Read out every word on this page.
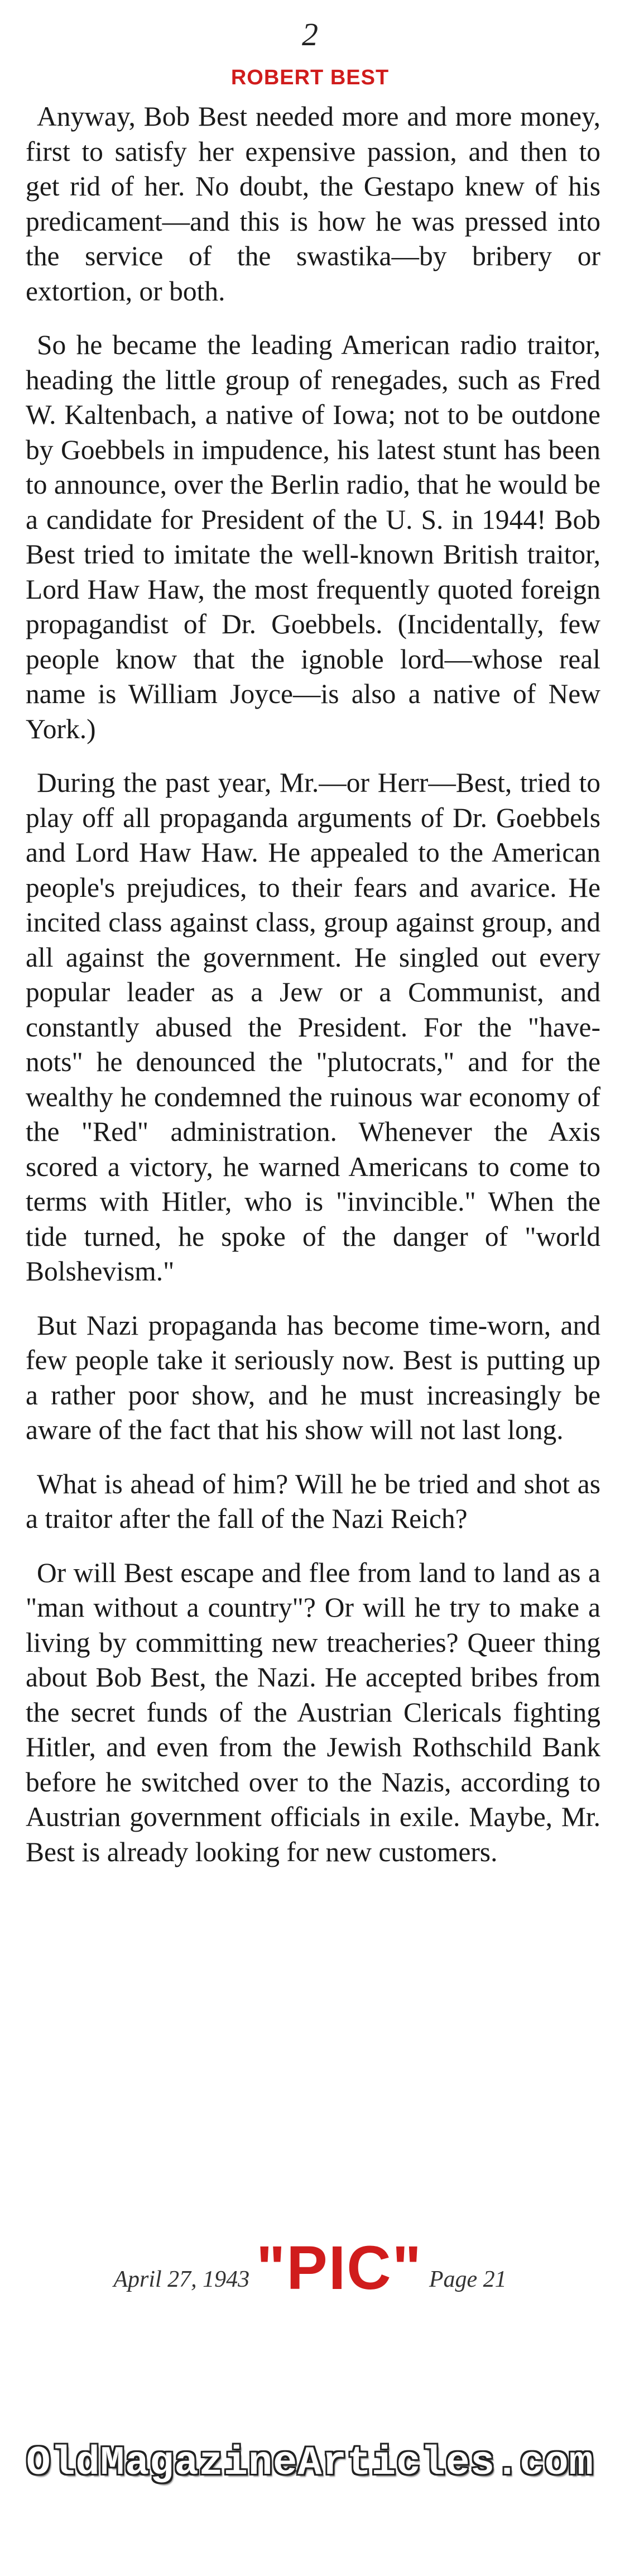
2
ROBERT BEST

Anyway, Bob Best needed more and more money, first to satisfy her expensive passion, and then to get rid of her. No doubt, the Gestapo knew of his predicament—and this is how he was pressed into the service of the swastika—by bribery or extortion, or both.

So he became the leading American radio traitor, heading the little group of renegades, such as Fred W. Kaltenbach, a native of Iowa; not to be outdone by Goebbels in impudence, his latest stunt has been to announce, over the Berlin radio, that he would be a candidate for President of the U. S. in 1944! Bob Best tried to imitate the well-known British traitor, Lord Haw Haw, the most frequently quoted foreign propagandist of Dr. Goebbels. (Incidentally, few people know that the ignoble lord—whose real name is William Joyce—is also a native of New York.)

During the past year, Mr.—or Herr—Best, tried to play off all propaganda arguments of Dr. Goebbels and Lord Haw Haw. He appealed to the American people's prejudices, to their fears and avarice. He incited class against class, group against group, and all against the government. He singled out every popular leader as a Jew or a Communist, and constantly abused the President. For the "have-nots" he denounced the "plutocrats," and for the wealthy he condemned the ruinous war economy of the "Red" administration. Whenever the Axis scored a victory, he warned Americans to come to terms with Hitler, who is "invincible." When the tide turned, he spoke of the danger of "world Bolshevism."

But Nazi propaganda has become time-worn, and few people take it seriously now. Best is putting up a rather poor show, and he must increasingly be aware of the fact that his show will not last long.

What is ahead of him? Will he be tried and shot as a traitor after the fall of the Nazi Reich?

Or will Best escape and flee from land to land as a "man without a country"? Or will he try to make a living by committing new treacheries? Queer thing about Bob Best, the Nazi. He accepted bribes from the secret funds of the Austrian Clericals fighting Hitler, and even from the Jewish Rothschild Bank before he switched over to the Nazis, according to Austrian government officials in exile. Maybe, Mr. Best is already looking for new customers.

April 27, 1943 "PIC" Page 21
OldMagazineArticles.com
